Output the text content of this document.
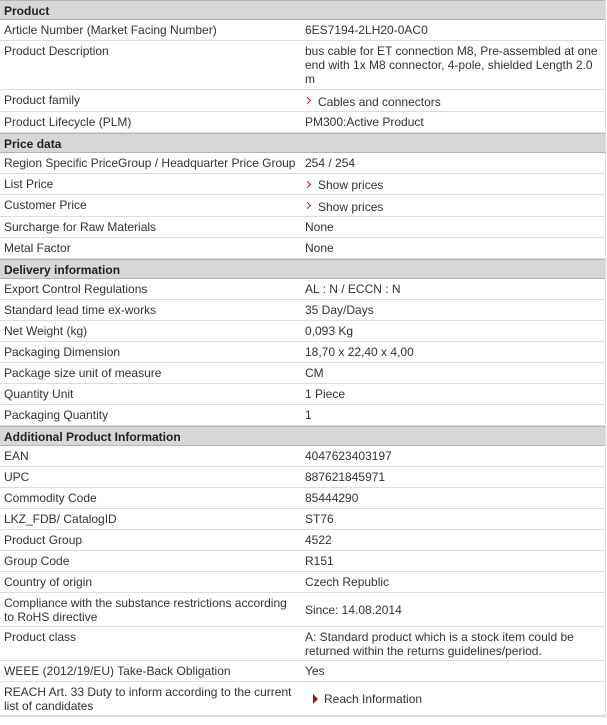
Product
Article Number (Market Facing Number)	6ES7194-2LH20-0AC0
Product Description	bus cable for ET connection M8, Pre-assembled at one end with 1x M8 connector, 4-pole, shielded Length 2.0 m
Product family	Cables and connectors
Product Lifecycle (PLM)	PM300:Active Product
Price data
Region Specific PriceGroup / Headquarter Price Group 254 / 254
List Price	Show prices
Customer Price	Show prices
Surcharge for Raw Materials	None
Metal Factor	None
Delivery information
Export Control Regulations	AL : N / ECCN : N
Standard lead time ex-works	35 Day/Days
Net Weight (kg)	0,093 Kg
Packaging Dimension	18,70 x 22,40 x 4,00
Package size unit of measure	CM
Quantity Unit	1 Piece
Packaging Quantity	1
Additional Product Information
EAN	4047623403197
UPC	887621845971
Commodity Code	85444290
LKZ_FDB/ CatalogID	ST76
Product Group	4522
Group Code	R151
Country of origin	Czech Republic
Compliance with the substance restrictions according to RoHS directive	Since: 14.08.2014
Product class	A: Standard product which is a stock item could be returned within the returns guidelines/period.
WEEE (2012/19/EU) Take-Back Obligation	Yes
REACH Art. 33 Duty to inform according to the current list of candidates	Reach Information
